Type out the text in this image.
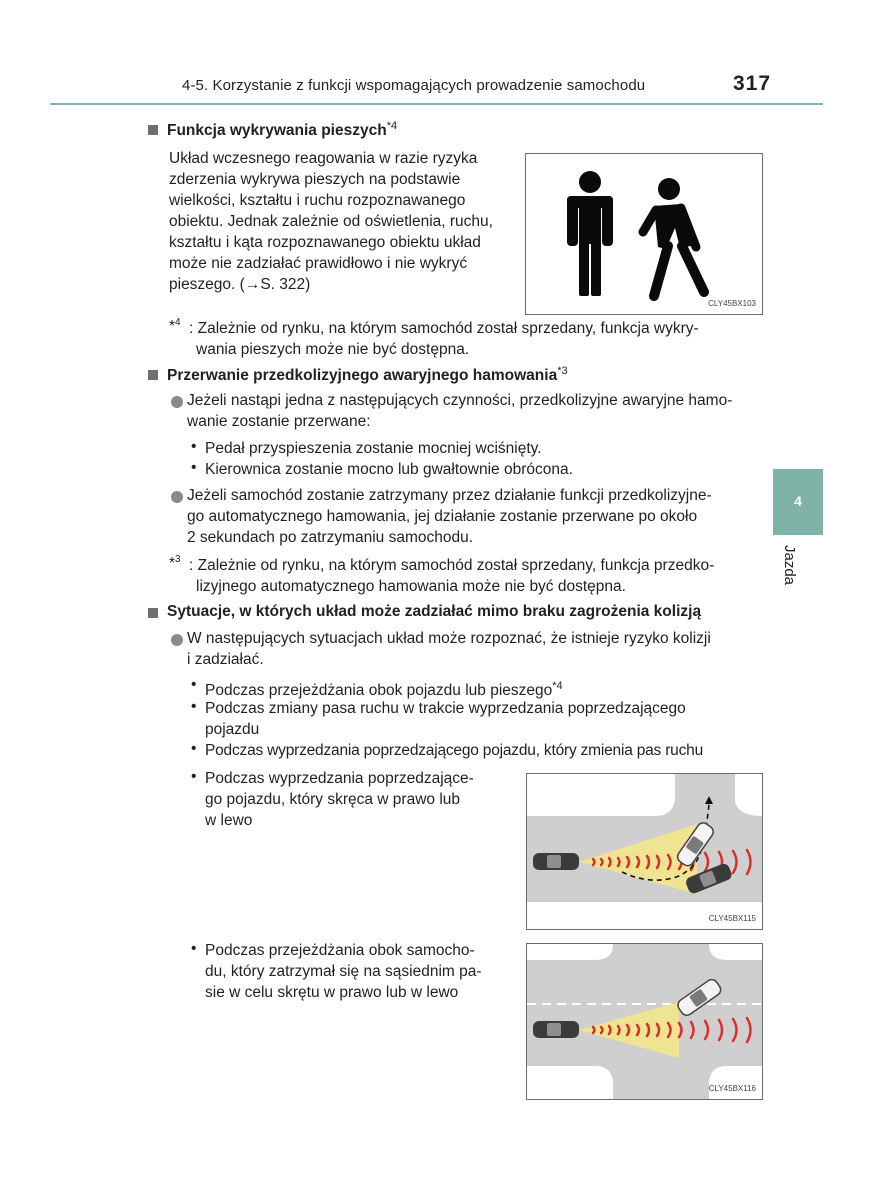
4-5. Korzystanie z funkcji wspomagających prowadzenie samochodu	317
4
Jazda
Funkcja wykrywania pieszych$^{*4}$
Układ wczesnego reagowania w razie ryzyka
zderzenia wykrywa pieszych na podstawie
wielkości, kształtu i ruchu rozpoznawanego
obiektu. Jednak zależnie od oświetlenia, ruchu,
kształtu i kąta rozpoznawanego obiektu układ
może nie zadziałać prawidłowo i nie wykryć
pieszego. (→S. 322)
CLY45BX103
*$^4$ : Zależnie od rynku, na którym samochód został sprzedany, funkcja wykry-
wania pieszych może nie być dostępna.
Przerwanie przedkolizyjnego awaryjnego hamowania$^{*3}$
Jeżeli nastąpi jedna z następujących czynności, przedkolizyjne awaryjne hamo-
wanie zostanie przerwane:
• Pedał przyspieszenia zostanie mocniej wciśnięty.
• Kierownica zostanie mocno lub gwałtownie obrócona.
Jeżeli samochód zostanie zatrzymany przez działanie funkcji przedkolizyjne-
go automatycznego hamowania, jej działanie zostanie przerwane po około
2 sekundach po zatrzymaniu samochodu.
*$^3$ : Zależnie od rynku, na którym samochód został sprzedany, funkcja przedko-
lizyjnego automatycznego hamowania może nie być dostępna.
Sytuacje, w których układ może zadziałać mimo braku zagrożenia kolizją
W następujących sytuacjach układ może rozpoznać, że istnieje ryzyko kolizji
i zadziałać.
• Podczas przejeżdżania obok pojazdu lub pieszego$^{*4}$
• Podczas zmiany pasa ruchu w trakcie wyprzedzania poprzedzającego
pojazdu
• Podczas wyprzedzania poprzedzającego pojazdu, który zmienia pas ruchu
• Podczas wyprzedzania poprzedzające-
go pojazdu, który skręca w prawo lub
w lewo
CLY45BX115
• Podczas przejeżdżania obok samocho-
du, który zatrzymał się na sąsiednim pa-
sie w celu skrętu w prawo lub w lewo
CLY45BX116
